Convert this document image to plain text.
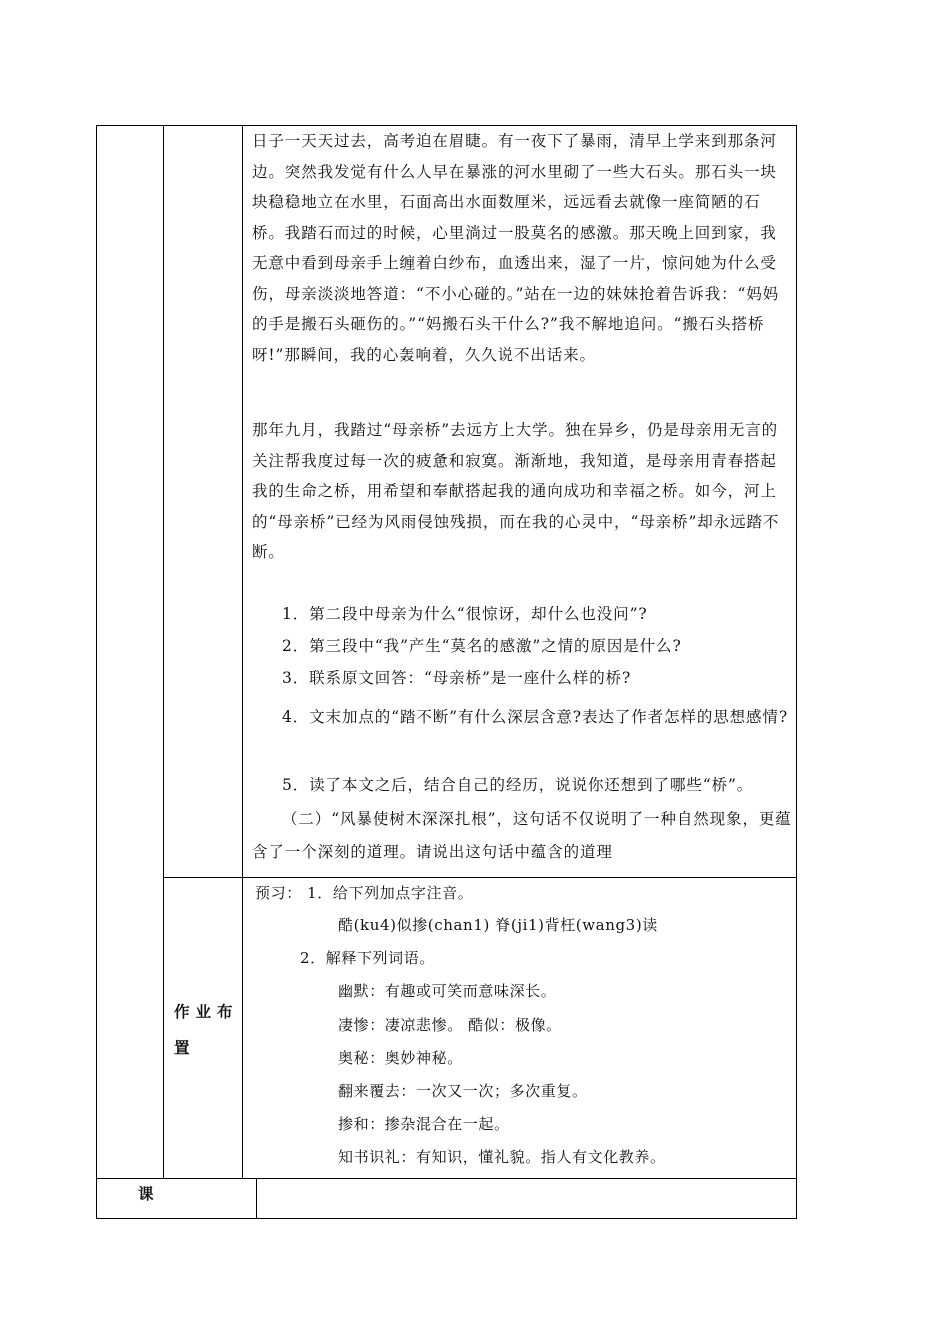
日子一天天过去，高考迫在眉睫。有一夜下了暴雨，清早上学来到那条河边。突然我发觉有什么人早在暴涨的河水里砌了一些大石头。那石头一块块稳稳地立在水里，石面高出水面数厘米，远远看去就像一座简陋的石桥。我踏石而过的时候，心里淌过一股莫名的感激。那天晚上回到家，我无意中看到母亲手上缠着白纱布，血透出来，湿了一片，惊问她为什么受伤，母亲淡淡地答道：“不小心碰的。”站在一边的妹妹抢着告诉我：“妈妈的手是搬石头砸伤的。”“妈搬石头干什么?”我不解地追问。“搬石头搭桥呀!”那瞬间，我的心轰响着，久久说不出话来。

那年九月，我踏过“母亲桥”去远方上大学。独在异乡，仍是母亲用无言的关注帮我度过每一次的疲惫和寂寞。渐渐地，我知道，是母亲用青春搭起我的生命之桥，用希望和奉献搭起我的通向成功和幸福之桥。如今，河上的“母亲桥”已经为风雨侵蚀残损，而在我的心灵中，“母亲桥”却永远踏不断。

1．第二段中母亲为什么“很惊讶，却什么也没问”?

2．第三段中“我”产生“莫名的感激”之情的原因是什么?

3．联系原文回答：“母亲桥”是一座什么样的桥?

4．文末加点的“踏不断”有什么深层含意?表达了作者怎样的思想感情?

5．读了本文之后，结合自己的经历，说说你还想到了哪些“桥”。

（二）“风暴使树木深深扎根”，这句话不仅说明了一种自然现象，更蕴含了一个深刻的道理。请说出这句话中蕴含的道理

作业布置

预习： 1．给下列加点字注音。

酷(ku4)似掺(chan1) 脊(ji1)背枉(wang3)读

2．解释下列词语。

幽默：有趣或可笑而意味深长。

凄惨：凄凉悲惨。 酷似：极像。

奥秘：奥妙神秘。

翻来覆去：一次又一次；多次重复。

掺和：掺杂混合在一起。

知书识礼：有知识，懂礼貌。指人有文化教养。

课
